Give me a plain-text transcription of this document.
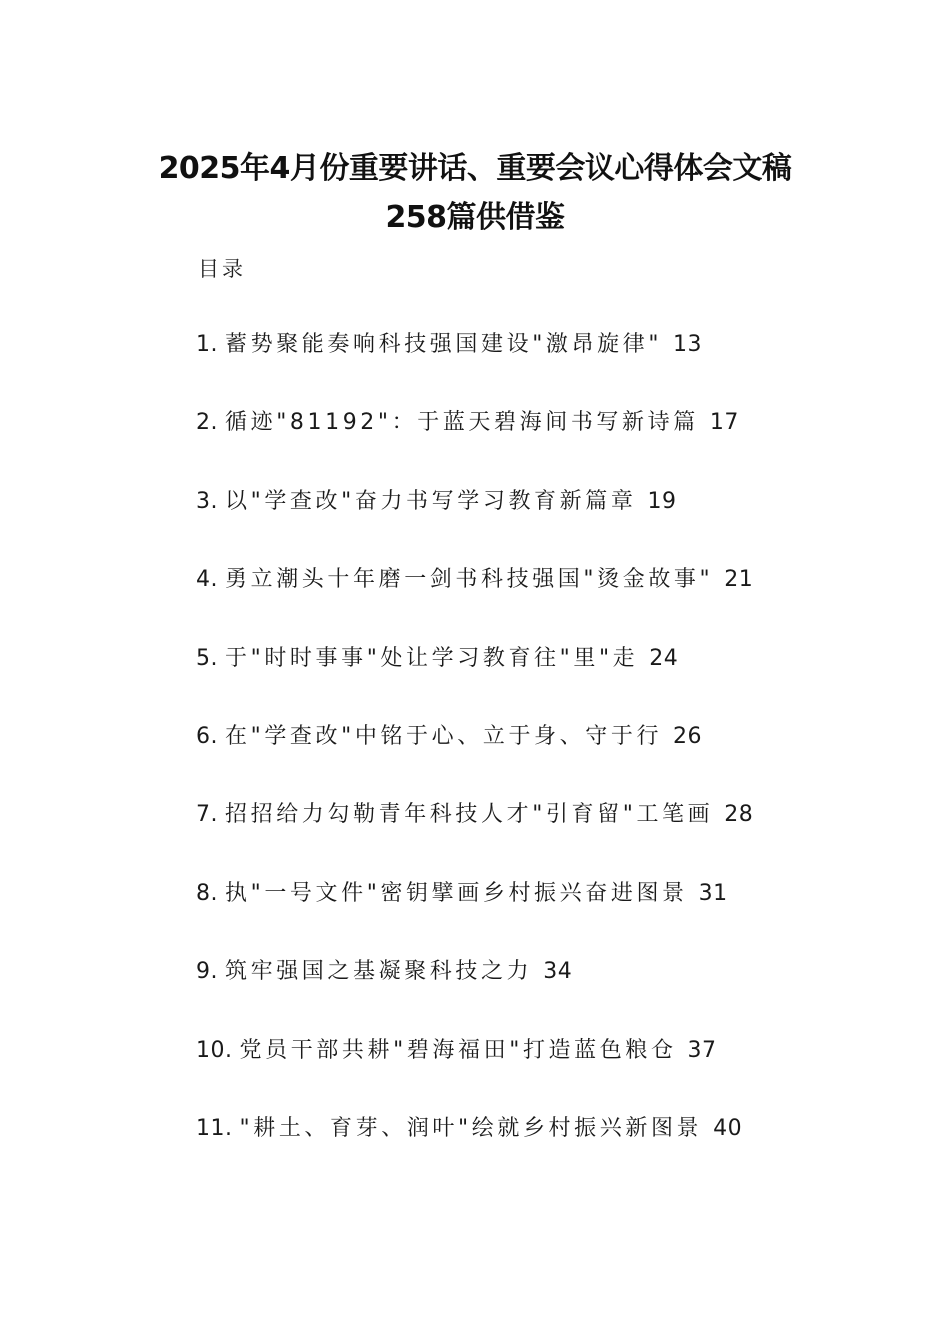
2025年4月份重要讲话、重要会议心得体会文稿
258篇供借鉴
目录
1. 蓄势聚能奏响科技强国建设"激昂旋律" 13
2. 循迹"81192"：于蓝天碧海间书写新诗篇 17
3. 以"学查改"奋力书写学习教育新篇章 19
4. 勇立潮头十年磨一剑书科技强国"烫金故事" 21
5. 于"时时事事"处让学习教育往"里"走 24
6. 在"学查改"中铭于心、立于身、守于行 26
7. 招招给力勾勒青年科技人才"引育留"工笔画 28
8. 执"一号文件"密钥擘画乡村振兴奋进图景 31
9. 筑牢强国之基凝聚科技之力 34
10. 党员干部共耕"碧海福田"打造蓝色粮仓 37
11. "耕土、育芽、润叶"绘就乡村振兴新图景 40
